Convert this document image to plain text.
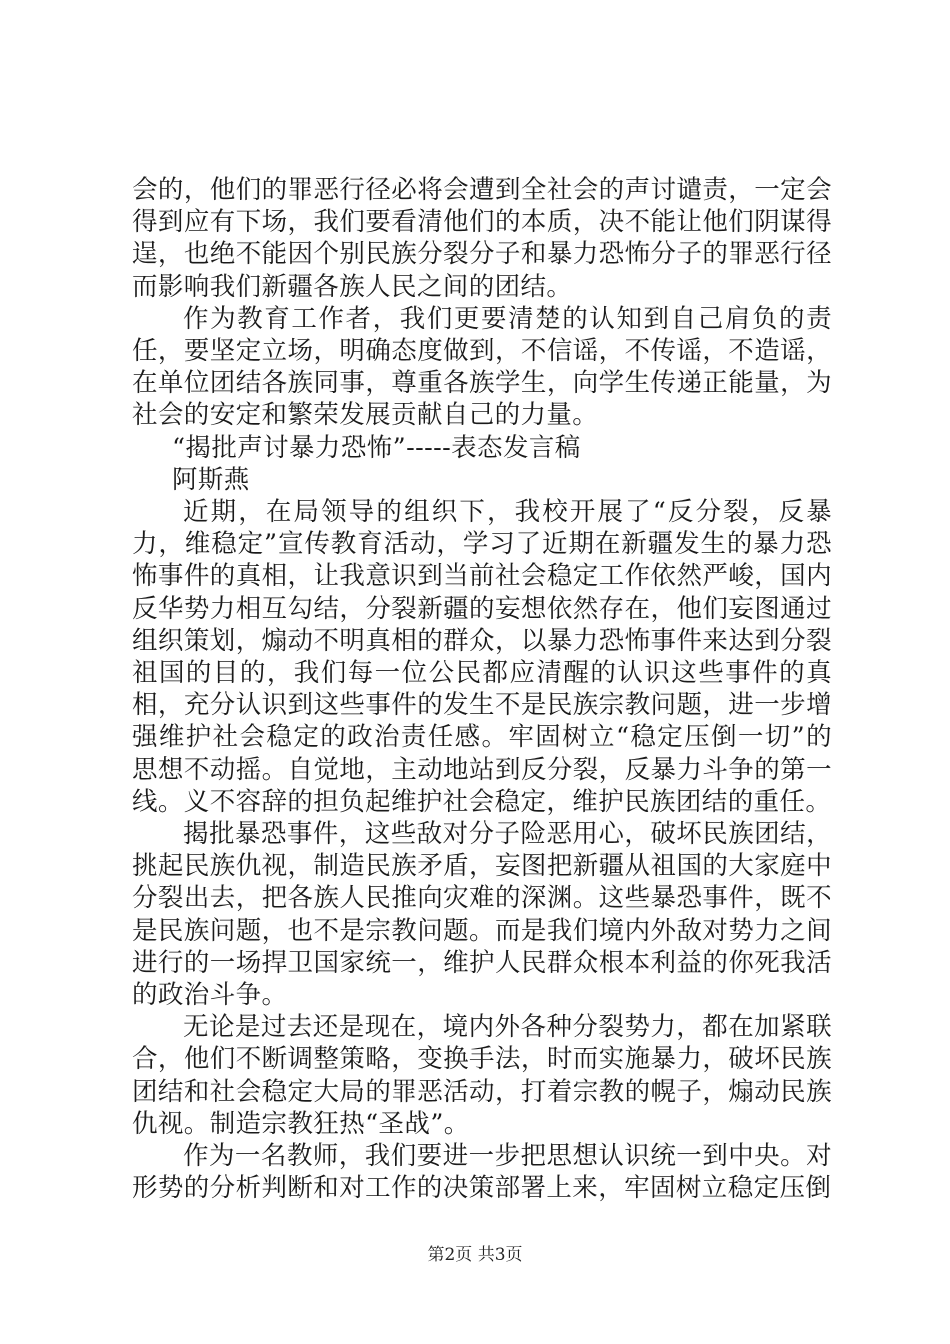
会的，他们的罪恶行径必将会遭到全社会的声讨谴责，一定会得到应有下场，我们要看清他们的本质，决不能让他们阴谋得逞，也绝不能因个别民族分裂分子和暴力恐怖分子的罪恶行径而影响我们新疆各族人民之间的团结。

作为教育工作者，我们更要清楚的认知到自己肩负的责任，要坚定立场，明确态度做到，不信谣，不传谣，不造谣，在单位团结各族同事，尊重各族学生，向学生传递正能量，为社会的安定和繁荣发展贡献自己的力量。

“揭批声讨暴力恐怖”-----表态发言稿

阿斯燕

近期，在局领导的组织下，我校开展了“反分裂，反暴力，维稳定”宣传教育活动，学习了近期在新疆发生的暴力恐怖事件的真相，让我意识到当前社会稳定工作依然严峻，国内反华势力相互勾结，分裂新疆的妄想依然存在，他们妄图通过组织策划，煽动不明真相的群众，以暴力恐怖事件来达到分裂祖国的目的，我们每一位公民都应清醒的认识这些事件的真相，充分认识到这些事件的发生不是民族宗教问题，进一步增强维护社会稳定的政治责任感。牢固树立“稳定压倒一切”的思想不动摇。自觉地，主动地站到反分裂，反暴力斗争的第一线。义不容辞的担负起维护社会稳定，维护民族团结的重任。

揭批暴恐事件，这些敌对分子险恶用心，破坏民族团结，挑起民族仇视，制造民族矛盾，妄图把新疆从祖国的大家庭中分裂出去，把各族人民推向灾难的深渊。这些暴恐事件，既不是民族问题，也不是宗教问题。而是我们境内外敌对势力之间进行的一场捍卫国家统一，维护人民群众根本利益的你死我活的政治斗争。

无论是过去还是现在，境内外各种分裂势力，都在加紧联合，他们不断调整策略，变换手法，时而实施暴力，破坏民族团结和社会稳定大局的罪恶活动，打着宗教的幌子，煽动民族仇视。制造宗教狂热“圣战”。

作为一名教师，我们要进一步把思想认识统一到中央。对形势的分析判断和对工作的决策部署上来，牢固树立稳定压倒

第2页 共3页
